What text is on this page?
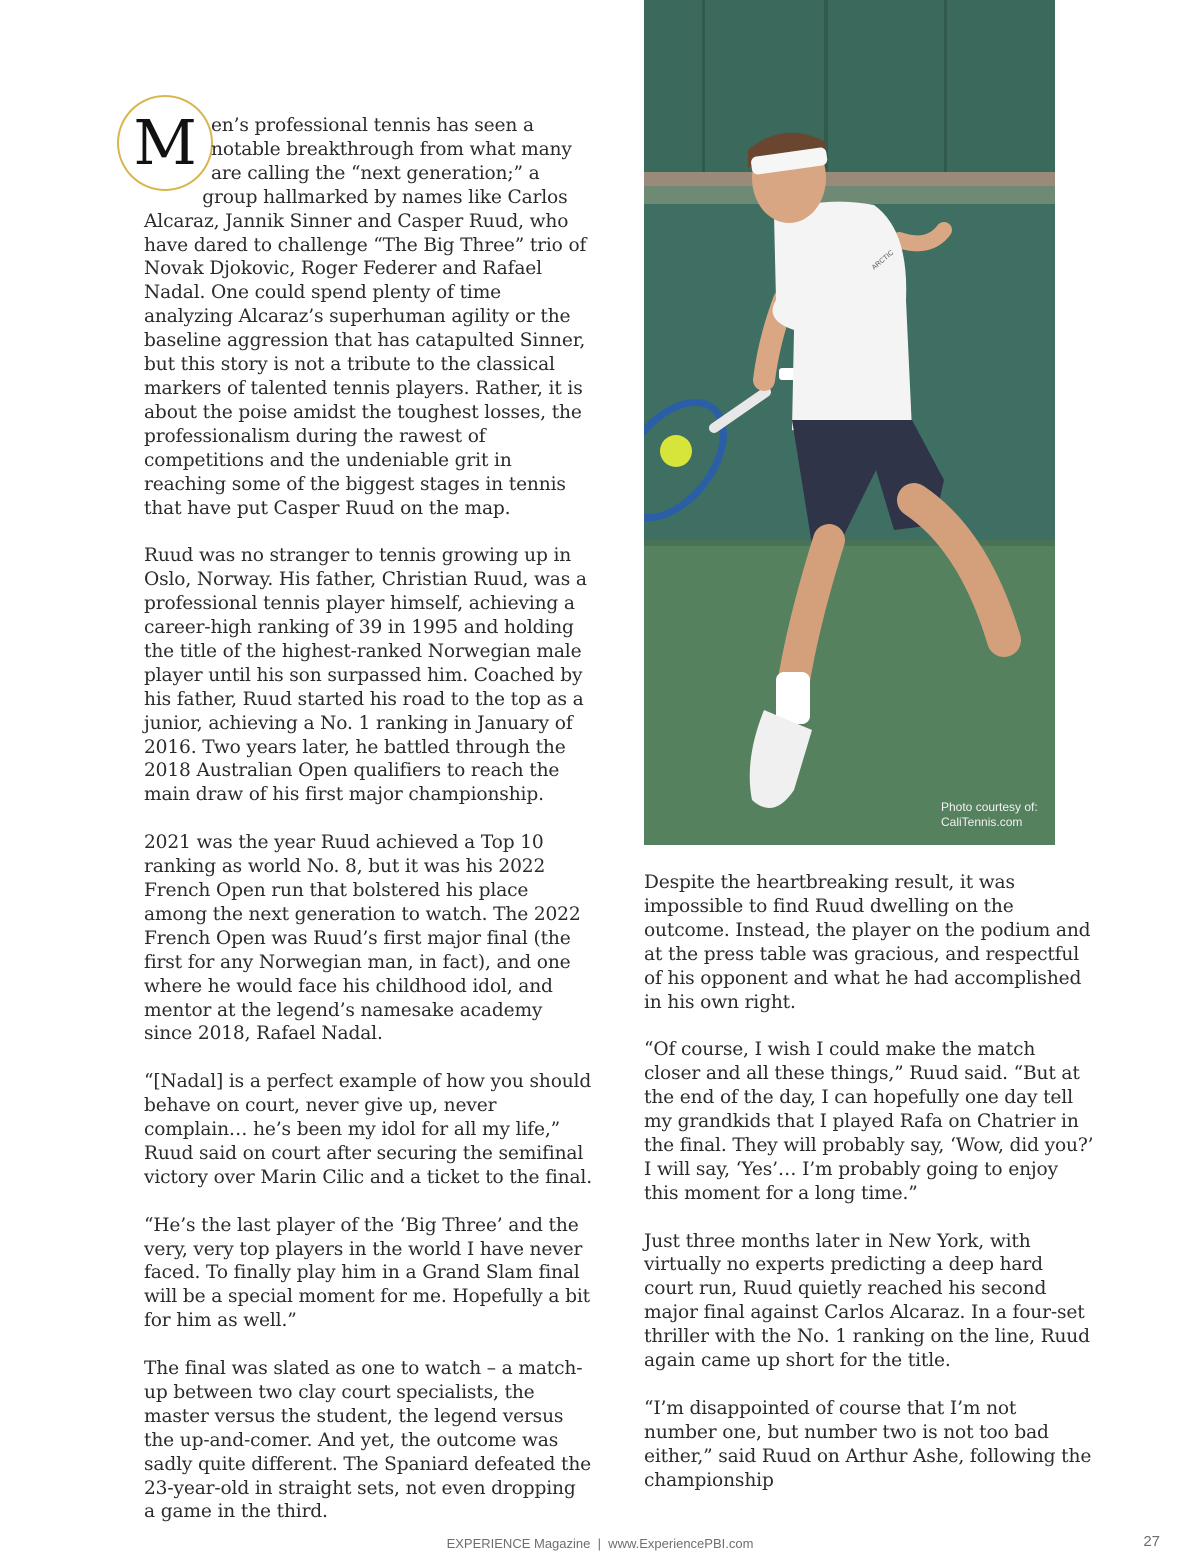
M en’s professional tennis has seen a notable breakthrough from what many are calling the “next generation;” a group hallmarked by names like Carlos Alcaraz, Jannik Sinner and Casper Ruud, who have dared to challenge “The Big Three” trio of Novak Djokovic, Roger Federer and Rafael Nadal. One could spend plenty of time analyzing Alcaraz’s superhuman agility or the baseline aggression that has catapulted Sinner, but this story is not a tribute to the classical markers of talented tennis players. Rather, it is about the poise amidst the toughest losses, the professionalism during the rawest of competitions and the undeniable grit in reaching some of the biggest stages in tennis that have put Casper Ruud on the map.

Ruud was no stranger to tennis growing up in Oslo, Norway. His father, Christian Ruud, was a professional tennis player himself, achieving a career-high ranking of 39 in 1995 and holding the title of the highest-ranked Norwegian male player until his son surpassed him. Coached by his father, Ruud started his road to the top as a junior, achieving a No. 1 ranking in January of 2016. Two years later, he battled through the 2018 Australian Open qualifiers to reach the main draw of his first major championship.

2021 was the year Ruud achieved a Top 10 ranking as world No. 8, but it was his 2022 French Open run that bolstered his place among the next generation to watch. The 2022 French Open was Ruud’s first major final (the first for any Norwegian man, in fact), and one where he would face his childhood idol, and mentor at the legend’s namesake academy since 2018, Rafael Nadal.

“[Nadal] is a perfect example of how you should behave on court, never give up, never complain… he’s been my idol for all my life,” Ruud said on court after securing the semifinal victory over Marin Cilic and a ticket to the final.

“He’s the last player of the ‘Big Three’ and the very, very top players in the world I have never faced. To finally play him in a Grand Slam final will be a special moment for me. Hopefully a bit for him as well.”

The final was slated as one to watch – a match-up between two clay court specialists, the master versus the student, the legend versus the up-and-comer. And yet, the outcome was sadly quite different. The Spaniard defeated the 23-year-old in straight sets, not even dropping a game in the third.

ARCTIC
Photo courtesy of:
CaliTennis.com

Despite the heartbreaking result, it was impossible to find Ruud dwelling on the outcome. Instead, the player on the podium and at the press table was gracious, and respectful of his opponent and what he had accomplished in his own right.

“Of course, I wish I could make the match closer and all these things,” Ruud said. “But at the end of the day, I can hopefully one day tell my grandkids that I played Rafa on Chatrier in the final. They will probably say, ‘Wow, did you?’ I will say, ‘Yes’… I’m probably going to enjoy this moment for a long time.”

Just three months later in New York, with virtually no experts predicting a deep hard court run, Ruud quietly reached his second major final against Carlos Alcaraz. In a four-set thriller with the No. 1 ranking on the line, Ruud again came up short for the title.

“I’m disappointed of course that I’m not number one, but number two is not too bad either,” said Ruud on Arthur Ashe, following the championship

EXPERIENCE Magazine  |  www.ExperiencePBI.com	27
